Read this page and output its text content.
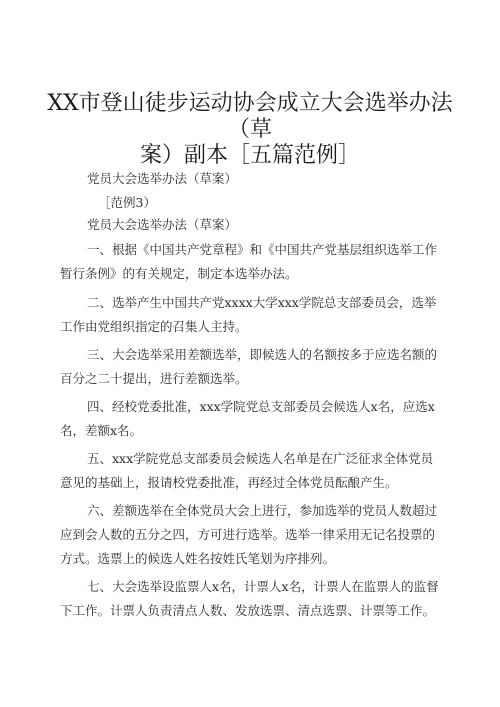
XX市登山徒步运动协会成立大会选举办法
（草
案）副本［五篇范例］
党员大会选举办法（草案）
［范例3）
党员大会选举办法（草案）
一、根据《中国共产党章程》和《中国共产党基层组织选举工作
暂行条例》的有关规定，制定本选举办法。
二、选举产生中国共产党xxxx大学xxx学院总支部委员会，选举
工作由党组织指定的召集人主持。
三、大会选举采用差额选举，即候选人的名额按多于应选名额的
百分之二十提出，进行差额选举。
四、经校党委批准，xxx学院党总支部委员会候选人x名，应选x
名，差额x名。
五、xxx学院党总支部委员会候选人名单是在广泛征求全体党员
意见的基础上，报请校党委批准，再经过全体党员酝酿产生。
六、差额选举在全体党员大会上进行，参加选举的党员人数超过
应到会人数的五分之四，方可进行选举。选举一律采用无记名投票的
方式。选票上的候选人姓名按姓氏笔划为序排列。
七、大会选举设监票人x名，计票人x名，计票人在监票人的监督
下工作。计票人负责清点人数、发放选票、清点选票、计票等工作。
